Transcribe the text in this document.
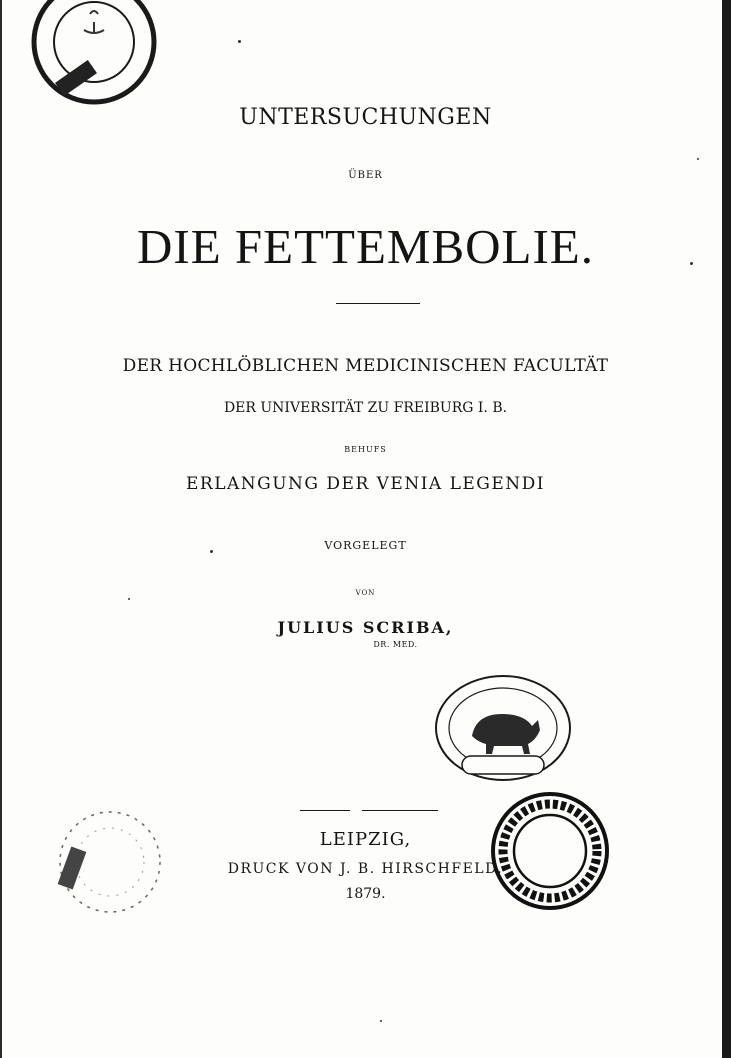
UNTERSUCHUNGEN

ÜBER

DIE FETTEMBOLIE.

DER HOCHLÖBLICHEN MEDICINISCHEN FACULTÄT

DER UNIVERSITÄT ZU FREIBURG I. B.

BEHUFS

ERLANGUNG DER VENIA LEGENDI

VORGELEGT

VON

JULIUS SCRIBA,

DR. MED.

LEIPZIG,

DRUCK VON J. B. HIRSCHFELD.

1879.
